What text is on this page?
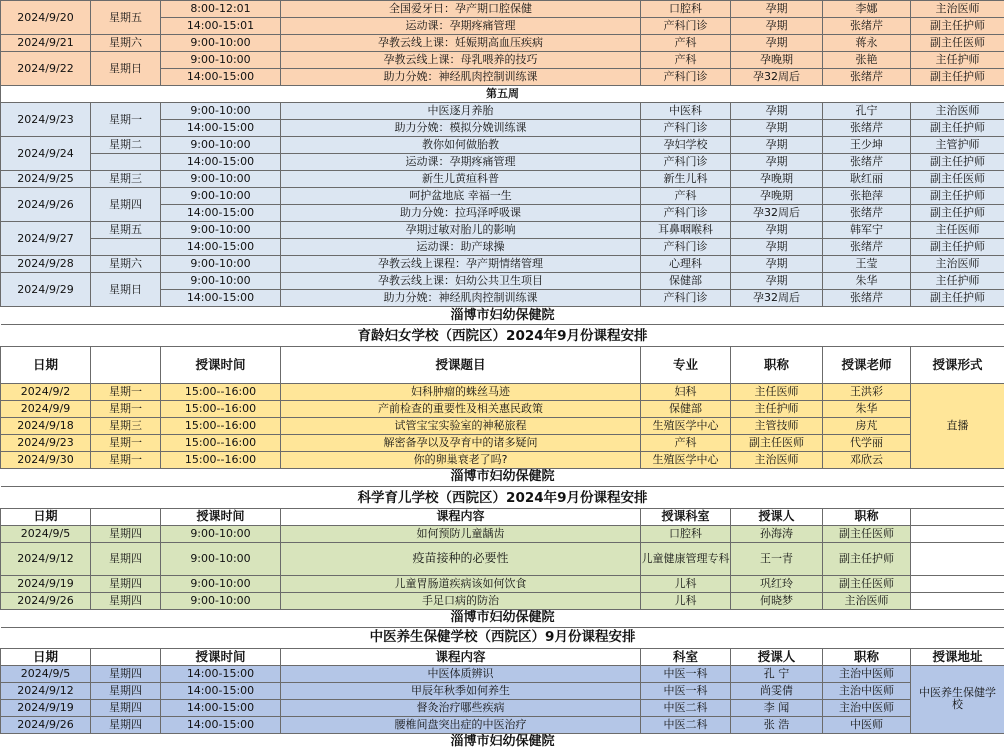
2024/9/20	星期五	8:00-12:01	全国爱牙日：孕产期口腔保健	口腔科	孕期	李娜	主治医师
		14:00-15:01	运动课：孕期疼痛管理	产科门诊	孕期	张绪芹	副主任护师
2024/9/21	星期六	9:00-10:00	孕教云线上课：妊娠期高血压疾病	产科	孕期	蒋永	副主任医师
2024/9/22	星期日	9:00-10:00	孕教云线上课：母乳喂养的技巧	产科	孕晚期	张艳	主任护师
		14:00-15:00	助力分娩：神经肌肉控制训练课	产科门诊	孕32周后	张绪芹	副主任护师
第五周							
2024/9/23	星期一	9:00-10:00	中医逐月养胎	中医科	孕期	孔宁	主治医师
		14:00-15:00	助力分娩：模拟分娩训练课	产科门诊	孕期	张绪芹	副主任护师
2024/9/24	星期二	9:00-10:00	教你如何做胎教	孕妇学校	孕期	王少坤	主管护师
		14:00-15:00	运动课：孕期疼痛管理	产科门诊	孕期	张绪芹	副主任护师
2024/9/25	星期三	9:00-10:00	新生儿黄疸科普	新生儿科	孕晚期	耿红丽	副主任医师
2024/9/26	星期四	9:00-10:00	呵护盆地底 幸福一生	产科	孕晚期	张艳萍	副主任护师
		14:00-15:00	助力分娩：拉玛泽呼吸课	产科门诊	孕32周后	张绪芹	副主任护师
2024/9/27	星期五	9:00-10:00	孕期过敏对胎儿的影响	耳鼻咽喉科	孕期	韩军宁	主任医师
		14:00-15:00	运动课：助产球操	产科门诊	孕期	张绪芹	副主任护师
2024/9/28	星期六	9:00-10:00	孕教云线上课程：孕产期情绪管理	心理科	孕期	王莹	主治医师
2024/9/29	星期日	9:00-10:00	孕教云线上课：妇幼公共卫生项目	保健部	孕期	朱华	主任护师
		14:00-15:00	助力分娩：神经肌肉控制训练课	产科门诊	孕32周后	张绪芹	副主任护师
淄博市妇幼保健院							
育龄妇女学校（西院区）2024年9月份课程安排							
日期		授课时间	授课题目	专业	职称	授课老师	授课形式
2024/9/2	星期一	15:00--16:00	妇科肿瘤的蛛丝马迹	妇科	主任医师	王洪彩	直播
2024/9/9	星期一	15:00--16:00	产前检查的重要性及相关惠民政策	保健部	主任护师	朱华	
2024/9/18	星期三	15:00--16:00	试管宝宝实验室的神秘旅程	生殖医学中心	主管技师	房芃	
2024/9/23	星期一	15:00--16:00	解密备孕以及孕育中的诸多疑问	产科	副主任医师	代学丽	
2024/9/30	星期一	15:00--16:00	你的卵巢衰老了吗?	生殖医学中心	主治医师	邓欣云	
淄博市妇幼保健院							
科学育儿学校（西院区）2024年9月份课程安排							
日期		授课时间	课程内容	授课科室	授课人	职称	
2024/9/5	星期四	9:00-10:00	如何预防儿童龋齿	口腔科	孙海涛	副主任医师	
2024/9/12	星期四	9:00-10:00	疫苗接种的必要性	儿童健康管理专科	王一青	副主任护师	
2024/9/19	星期四	9:00-10:00	儿童胃肠道疾病该如何饮食	儿科	巩红玲	副主任医师	
2024/9/26	星期四	9:00-10:00	手足口病的防治	儿科	何晓梦	主治医师	
淄博市妇幼保健院							
中医养生保健学校（西院区）9月份课程安排							
日期		授课时间	课程内容	科室	授课人	职称	授课地址
2024/9/5	星期四	14:00-15:00	中医体质辨识	中医一科	孔 宁	主治中医师	中医养生保健学校
2024/9/12	星期四	14:00-15:00	甲辰年秋季如何养生	中医一科	尚雯倩	主治中医师	
2024/9/19	星期四	14:00-15:00	督灸治疗哪些疾病	中医二科	李 闻	主治中医师	
2024/9/26	星期四	14:00-15:00	腰椎间盘突出症的中医治疗	中医二科	张 浩	中医师	
淄博市妇幼保健院							
